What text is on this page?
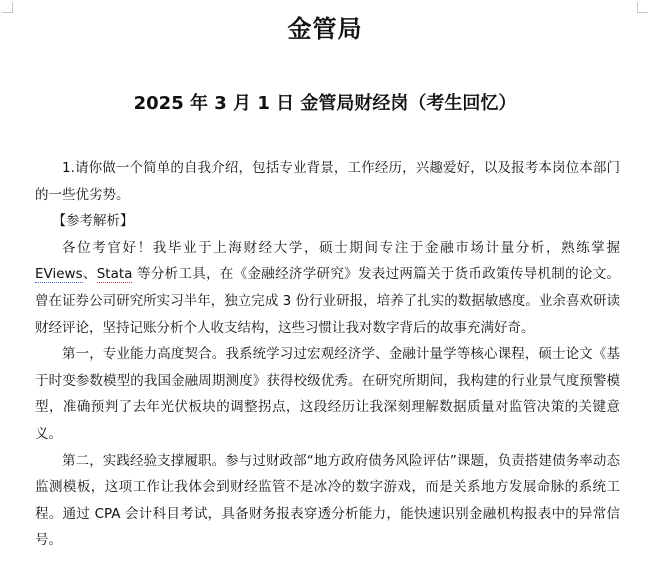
金管局
2025 年 3 月 1 日 金管局财经岗（考生回忆）

1.请你做一个简单的自我介绍，包括专业背景，工作经历，兴趣爱好，以及报考本岗位本部门的一些优劣势。

【参考解析】

各位考官好！我毕业于上海财经大学，硕士期间专注于金融市场计量分析，熟练掌握 EViews、Stata 等分析工具，在《金融经济学研究》发表过两篇关于货币政策传导机制的论文。曾在证券公司研究所实习半年，独立完成 3 份行业研报，培养了扎实的数据敏感度。业余喜欢研读财经评论，坚持记账分析个人收支结构，这些习惯让我对数字背后的故事充满好奇。

第一，专业能力高度契合。我系统学习过宏观经济学、金融计量学等核心课程，硕士论文《基于时变参数模型的我国金融周期测度》获得校级优秀。在研究所期间，我构建的行业景气度预警模型，准确预判了去年光伏板块的调整拐点，这段经历让我深刻理解数据质量对监管决策的关键意义。

第二，实践经验支撑履职。参与过财政部“地方政府债务风险评估”课题，负责搭建债务率动态监测模板，这项工作让我体会到财经监管不是冰冷的数字游戏，而是关系地方发展命脉的系统工程。通过 CPA 会计科目考试，具备财务报表穿透分析能力，能快速识别金融机构报表中的异常信号。
